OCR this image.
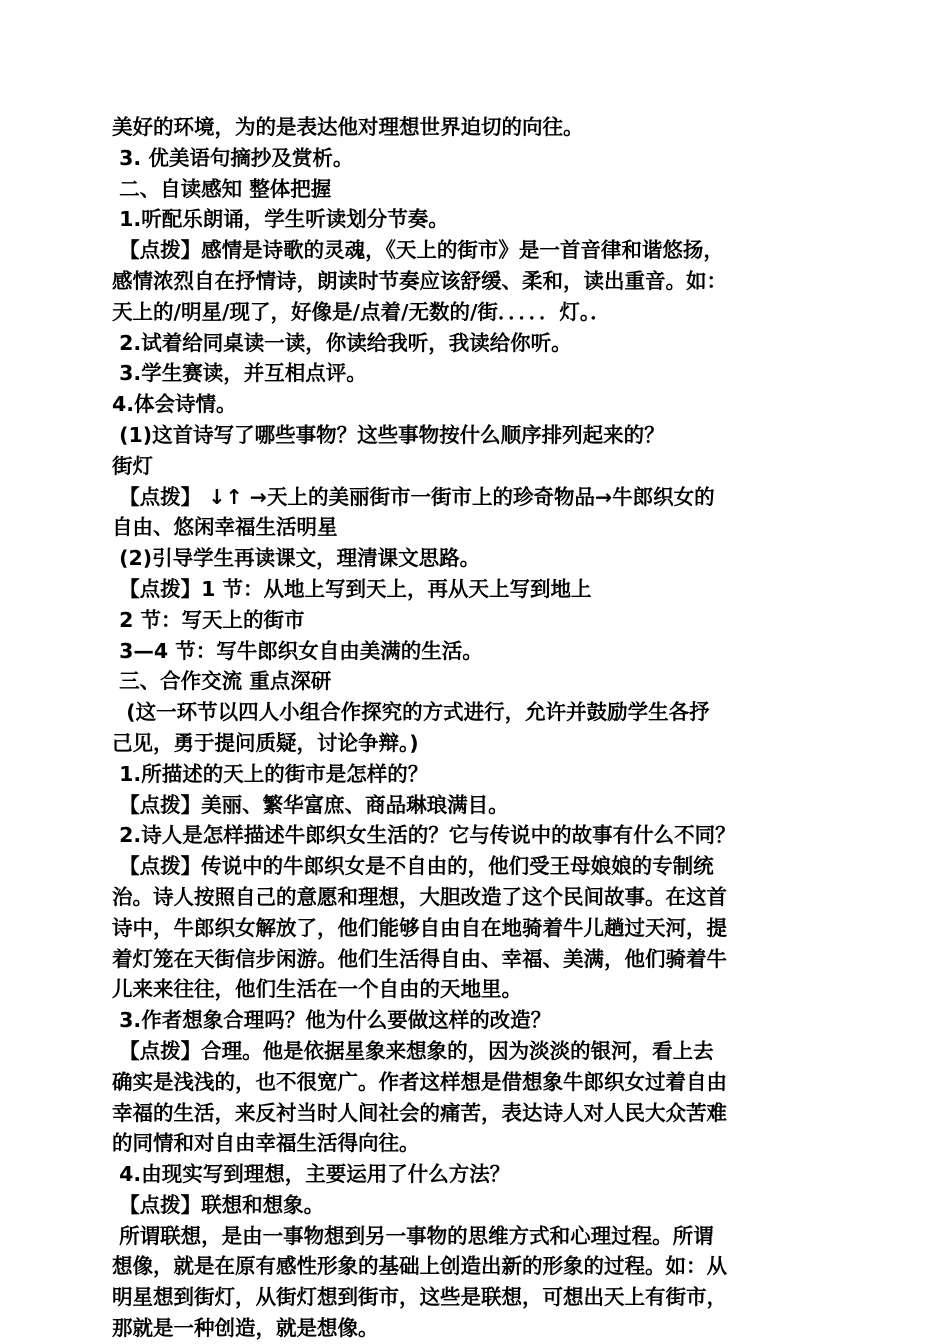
美好的环境，为的是表达他对理想世界迫切的向往。
3. 优美语句摘抄及赏析。
二、自读感知 整体把握
1.听配乐朗诵，学生听读划分节奏。
【点拨】感情是诗歌的灵魂，《天上的街市》是一首音律和谐悠扬，
感情浓烈自在抒情诗，朗读时节奏应该舒缓、柔和，读出重音。如：
天上的/明星/现了，好像是/点着/无数的/街．．．．．灯。．
2.试着给同桌读一读，你读给我听，我读给你听。
3.学生赛读，并互相点评。
4.体会诗情。
(1)这首诗写了哪些事物？这些事物按什么顺序排列起来的？
街灯
【点拨】 ↓↑ →天上的美丽街市一街市上的珍奇物品→牛郎织女的
自由、悠闲幸福生活明星
(2)引导学生再读课文，理清课文思路。
【点拨】1 节：从地上写到天上，再从天上写到地上
2 节：写天上的街市
3—4 节：写牛郎织女自由美满的生活。
三、合作交流 重点深研
(这一环节以四人小组合作探究的方式进行，允许并鼓励学生各抒
己见，勇于提问质疑，讨论争辩。)
1.所描述的天上的街市是怎样的？
【点拨】美丽、繁华富庶、商品琳琅满目。
2.诗人是怎样描述牛郎织女生活的？它与传说中的故事有什么不同？
【点拨】传说中的牛郎织女是不自由的，他们受王母娘娘的专制统
治。诗人按照自己的意愿和理想，大胆改造了这个民间故事。在这首
诗中，牛郎织女解放了，他们能够自由自在地骑着牛儿趟过天河，提
着灯笼在天街信步闲游。他们生活得自由、幸福、美满，他们骑着牛
儿来来往往，他们生活在一个自由的天地里。
3.作者想象合理吗？他为什么要做这样的改造？
【点拨】合理。他是依据星象来想象的，因为淡淡的银河，看上去
确实是浅浅的，也不很宽广。作者这样想是借想象牛郎织女过着自由
幸福的生活，来反衬当时人间社会的痛苦，表达诗人对人民大众苦难
的同情和对自由幸福生活得向往。
4.由现实写到理想，主要运用了什么方法？
【点拨】联想和想象。
所谓联想，是由一事物想到另一事物的思维方式和心理过程。所谓
想像，就是在原有感性形象的基础上创造出新的形象的过程。如：从
明星想到街灯，从街灯想到街市，这些是联想，可想出天上有街市，
那就是一种创造，就是想像。
